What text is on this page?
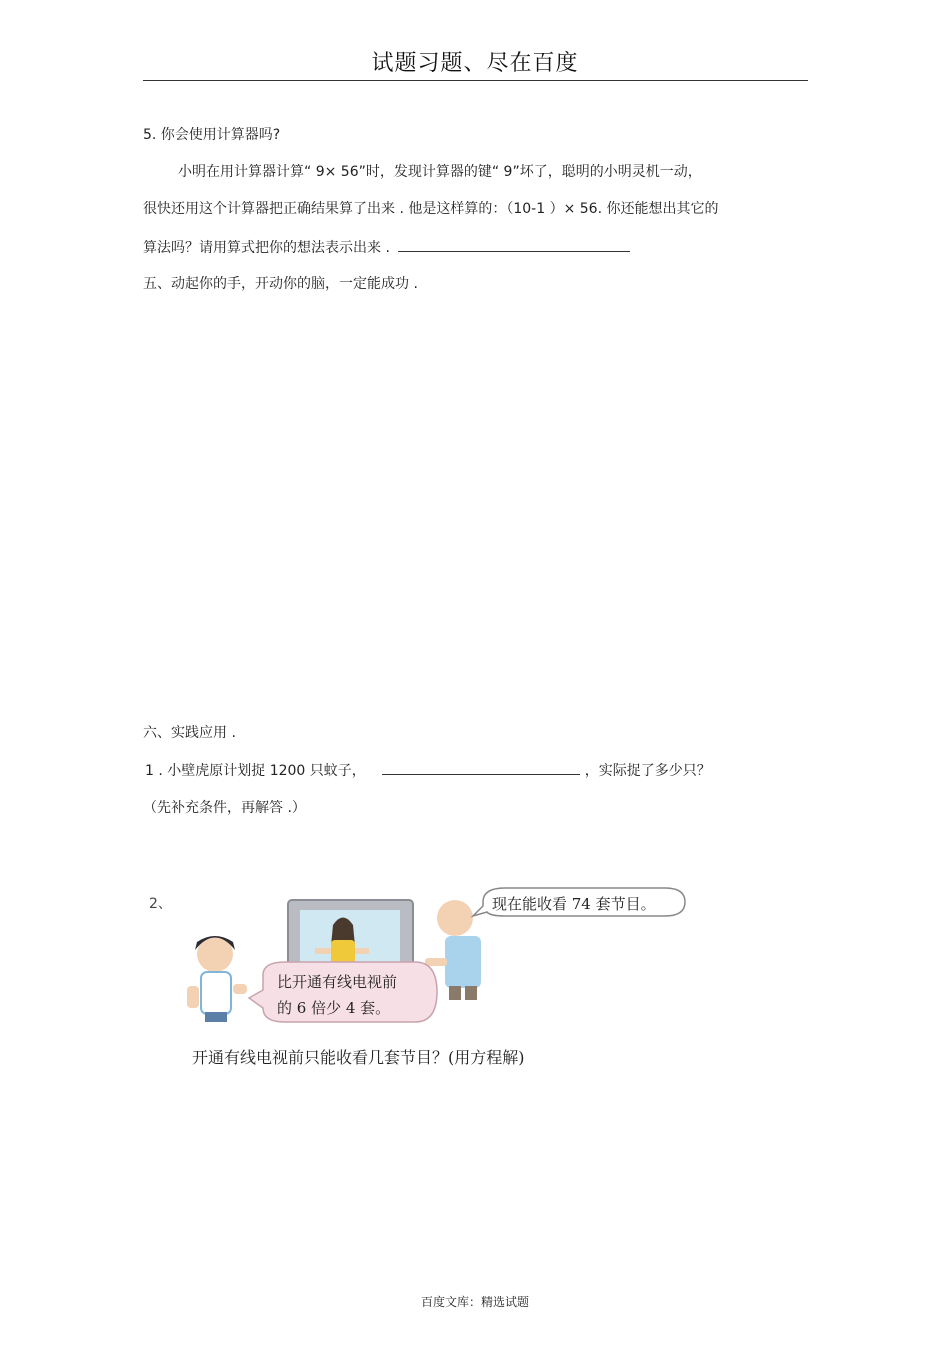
试题习题、尽在百度
5. 你会使用计算器吗?
小明在用计算器计算“ 9× 56”时，发现计算器的键“ 9”坏了，聪明的小明灵机一动，
很快还用这个计算器把正确结果算了出来 . 他是这样算的：（10-1 ）× 56. 你还能想出其它的
算法吗？请用算式把你的想法表示出来 .
五、动起你的手，开动你的脑，一定能成功 .
六、实践应用 .
1 . 小壁虎原计划捉 1200 只蚊子，	，实际捉了多少只？
（先补充条件，再解答 .）
2、	现在能收看 74 套节目。
比开通有线电视前
的 6 倍少 4 套。
开通有线电视前只能收看几套节目？(用方程解)
百度文库：精选试题
